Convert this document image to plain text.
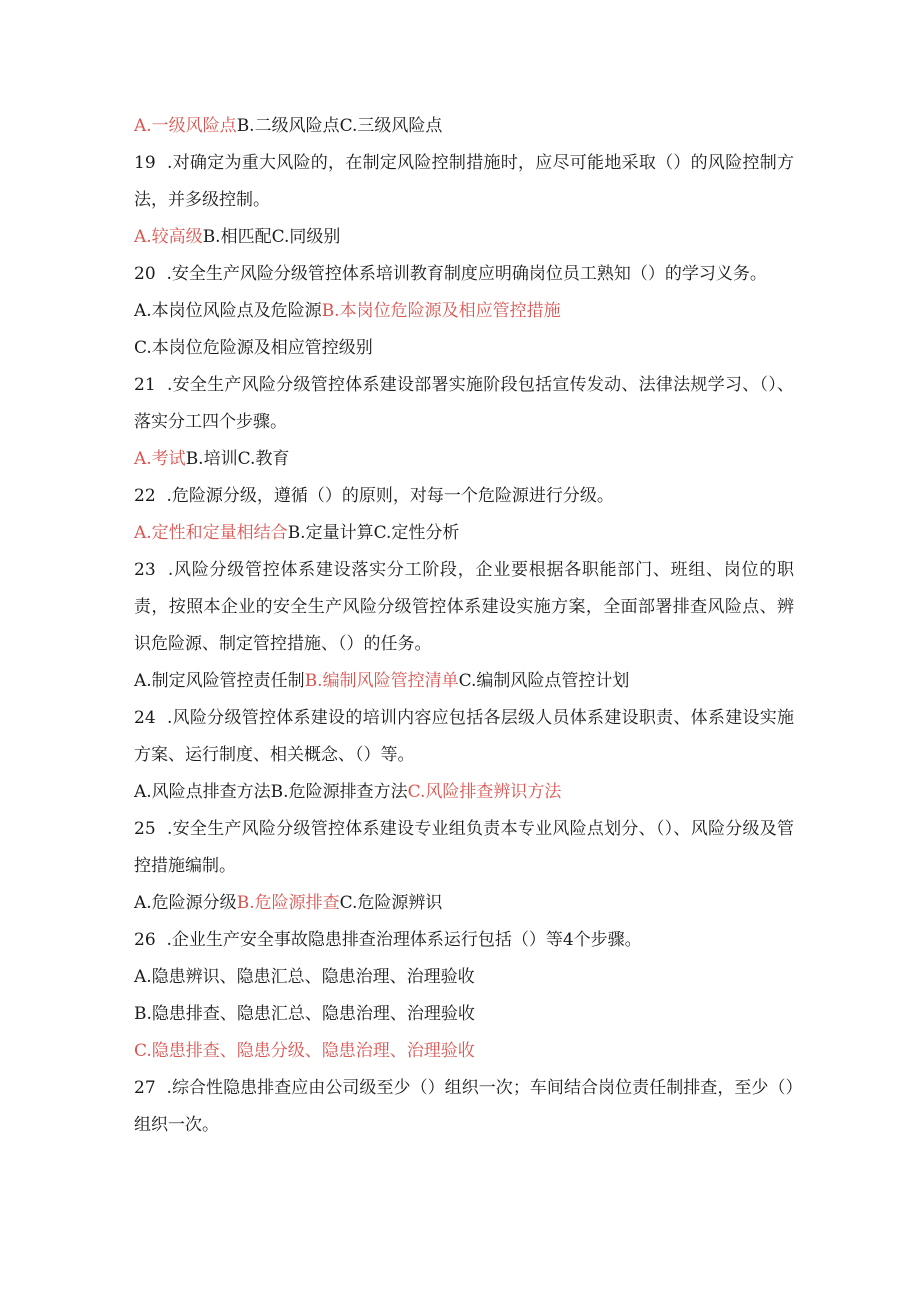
A.一级风险点B.二级风险点C.三级风险点
19  .对确定为重大风险的，在制定风险控制措施时，应尽可能地采取（）的风险控制方法，并多级控制。
A.较高级B.相匹配C.同级别
20  .安全生产风险分级管控体系培训教育制度应明确岗位员工熟知（）的学习义务。
A.本岗位风险点及危险源B.本岗位危险源及相应管控措施
C.本岗位危险源及相应管控级别
21  .安全生产风险分级管控体系建设部署实施阶段包括宣传发动、法律法规学习、（）、落实分工四个步骤。
A.考试B.培训C.教育
22  .危险源分级，遵循（）的原则，对每一个危险源进行分级。
A.定性和定量相结合B.定量计算C.定性分析
23  .风险分级管控体系建设落实分工阶段，企业要根据各职能部门、班组、岗位的职责，按照本企业的安全生产风险分级管控体系建设实施方案，全面部署排查风险点、辨识危险源、制定管控措施、（）的任务。
A.制定风险管控责任制B.编制风险管控清单C.编制风险点管控计划
24  .风险分级管控体系建设的培训内容应包括各层级人员体系建设职责、体系建设实施方案、运行制度、相关概念、（）等。
A.风险点排查方法B.危险源排查方法C.风险排查辨识方法
25  .安全生产风险分级管控体系建设专业组负责本专业风险点划分、（）、风险分级及管控措施编制。
A.危险源分级B.危险源排查C.危险源辨识
26  .企业生产安全事故隐患排查治理体系运行包括（）等4个步骤。
A.隐患辨识、隐患汇总、隐患治理、治理验收
B.隐患排查、隐患汇总、隐患治理、治理验收
C.隐患排查、隐患分级、隐患治理、治理验收
27  .综合性隐患排查应由公司级至少（）组织一次；车间结合岗位责任制排查，至少（）组织一次。
